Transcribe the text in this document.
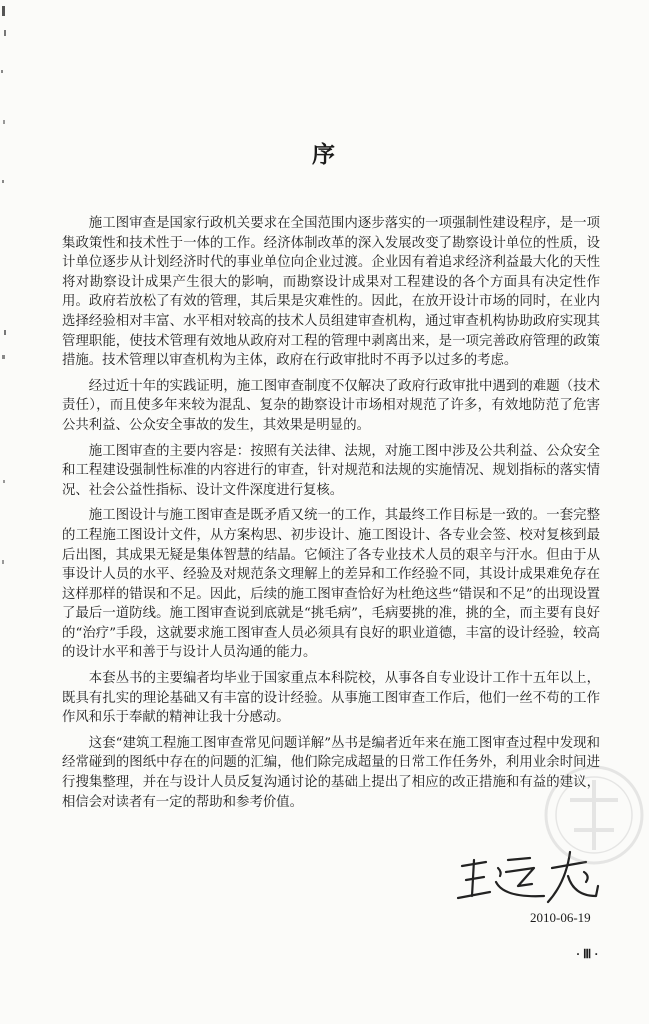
序

施工图审查是国家行政机关要求在全国范围内逐步落实的一项强制性建设程序，是一项集政策性和技术性于一体的工作。经济体制改革的深入发展改变了勘察设计单位的性质，设计单位逐步从计划经济时代的事业单位向企业过渡。企业因有着追求经济利益最大化的天性将对勘察设计成果产生很大的影响，而勘察设计成果对工程建设的各个方面具有决定性作用。政府若放松了有效的管理，其后果是灾难性的。因此，在放开设计市场的同时，在业内选择经验相对丰富、水平相对较高的技术人员组建审查机构，通过审查机构协助政府实现其管理职能，使技术管理有效地从政府对工程的管理中剥离出来，是一项完善政府管理的政策措施。技术管理以审查机构为主体，政府在行政审批时不再予以过多的考虑。

经过近十年的实践证明，施工图审查制度不仅解决了政府行政审批中遇到的难题（技术责任），而且使多年来较为混乱、复杂的勘察设计市场相对规范了许多，有效地防范了危害公共利益、公众安全事故的发生，其效果是明显的。

施工图审查的主要内容是：按照有关法律、法规，对施工图中涉及公共利益、公众安全和工程建设强制性标准的内容进行的审查，针对规范和法规的实施情况、规划指标的落实情况、社会公益性指标、设计文件深度进行复核。

施工图设计与施工图审查是既矛盾又统一的工作，其最终工作目标是一致的。一套完整的工程施工图设计文件，从方案构思、初步设计、施工图设计、各专业会签、校对复核到最后出图，其成果无疑是集体智慧的结晶。它倾注了各专业技术人员的艰辛与汗水。但由于从事设计人员的水平、经验及对规范条文理解上的差异和工作经验不同，其设计成果难免存在这样那样的错误和不足。因此，后续的施工图审查恰好为杜绝这些“错误和不足”的出现设置了最后一道防线。施工图审查说到底就是“挑毛病”，毛病要挑的准，挑的全，而主要有良好的“治疗”手段，这就要求施工图审查人员必须具有良好的职业道德，丰富的设计经验，较高的设计水平和善于与设计人员沟通的能力。

本套丛书的主要编者均毕业于国家重点本科院校，从事各自专业设计工作十五年以上，既具有扎实的理论基础又有丰富的设计经验。从事施工图审查工作后，他们一丝不苟的工作作风和乐于奉献的精神让我十分感动。

这套“建筑工程施工图审查常见问题详解”丛书是编者近年来在施工图审查过程中发现和经常碰到的图纸中存在的问题的汇编，他们除完成超量的日常工作任务外，利用业余时间进行搜集整理，并在与设计人员反复沟通讨论的基础上提出了相应的改正措施和有益的建议，相信会对读者有一定的帮助和参考价值。

2010-06-19
· Ⅲ ·
